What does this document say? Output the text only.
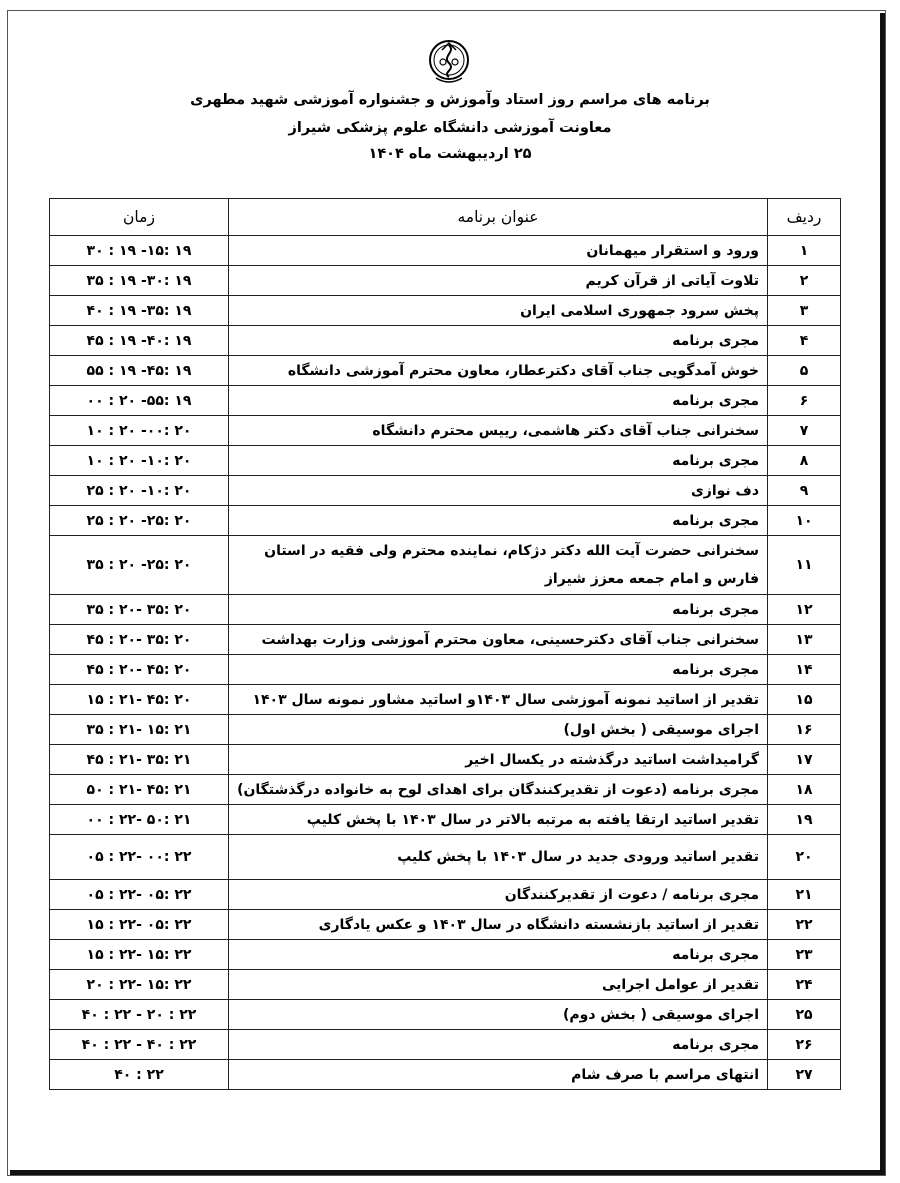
برنامه های مراسم روز استاد وآموزش و جشنواره آموزشی شهید مطهری
معاونت آموزشی دانشگاه علوم پزشکی شیراز
۲۵ اردیبهشت ماه ۱۴۰۴
ردیف	عنوان برنامه	زمان
۱	ورود و استقرار میهمانان	۱۹ :۱۵- ۱۹ : ۳۰
۲	تلاوت آیاتی از قرآن کریم	۱۹ :۳۰- ۱۹ : ۳۵
۳	پخش سرود جمهوری اسلامی ایران	۱۹ :۳۵- ۱۹ : ۴۰
۴	مجری برنامه	۱۹ :۴۰- ۱۹ : ۴۵
۵	خوش آمدگویی جناب آقای دکترعطار، معاون محترم آموزشی دانشگاه	۱۹ :۴۵- ۱۹ : ۵۵
۶	مجری برنامه	۱۹ :۵۵- ۲۰ : ۰۰
۷	سخنرانی جناب آقای دکتر هاشمی، رییس محترم دانشگاه	۲۰ :۰۰- ۲۰ : ۱۰
۸	مجری برنامه	۲۰ :۱۰- ۲۰ : ۱۰
۹	دف نوازی	۲۰ :۱۰- ۲۰ : ۲۵
۱۰	مجری برنامه	۲۰ :۲۵- ۲۰ : ۲۵
۱۱	سخنرانی حضرت آیت الله دکتر دژکام، نماینده محترم ولی فقیه در استان فارس و امام جمعه معزز شیراز	۲۰ :۲۵- ۲۰ : ۳۵
۱۲	مجری برنامه	۲۰ :۳۵ -۲۰ : ۳۵
۱۳	سخنرانی جناب آقای دکترحسینی، معاون محترم آموزشی وزارت بهداشت	۲۰ :۳۵ -۲۰ : ۴۵
۱۴	مجری برنامه	۲۰ :۴۵ -۲۰ : ۴۵
۱۵	تقدیر از اساتید نمونه آموزشی سال ۱۴۰۳و اساتید مشاور نمونه سال ۱۴۰۳	۲۰ :۴۵ -۲۱ : ۱۵
۱۶	اجرای موسیقی ( بخش اول)	۲۱ :۱۵ -۲۱ : ۳۵
۱۷	گرامیداشت اساتید درگذشته در یکسال اخیر	۲۱ :۳۵ -۲۱ : ۴۵
۱۸	مجری برنامه (دعوت از تقدیرکنندگان برای اهدای لوح به خانواده درگذشتگان)	۲۱ :۴۵ -۲۱ : ۵۰
۱۹	تقدیر اساتید ارتقا یافته به مرتبه بالاتر در سال ۱۴۰۳ با پخش کلیپ	۲۱ :۵۰ -۲۲ : ۰۰
۲۰	تقدیر اساتید ورودی جدید در سال ۱۴۰۳ با پخش کلیپ	۲۲ :۰۰ -۲۲ : ۰۵
۲۱	مجری برنامه / دعوت از تقدیرکنندگان	۲۲ :۰۵ -۲۲ : ۰۵
۲۲	تقدیر از اساتید بازنشسته دانشگاه در سال ۱۴۰۳ و عکس یادگاری	۲۲ :۰۵ -۲۲ : ۱۵
۲۳	مجری برنامه	۲۲ :۱۵ -۲۲ : ۱۵
۲۴	تقدیر از عوامل اجرایی	۲۲ :۱۵ -۲۲ : ۲۰
۲۵	اجرای موسیقی ( بخش دوم)	۲۲ : ۲۰ - ۲۲ : ۴۰
۲۶	مجری برنامه	۲۲ : ۴۰ - ۲۲ : ۴۰
۲۷	انتهای مراسم با صرف شام	۲۲ : ۴۰
